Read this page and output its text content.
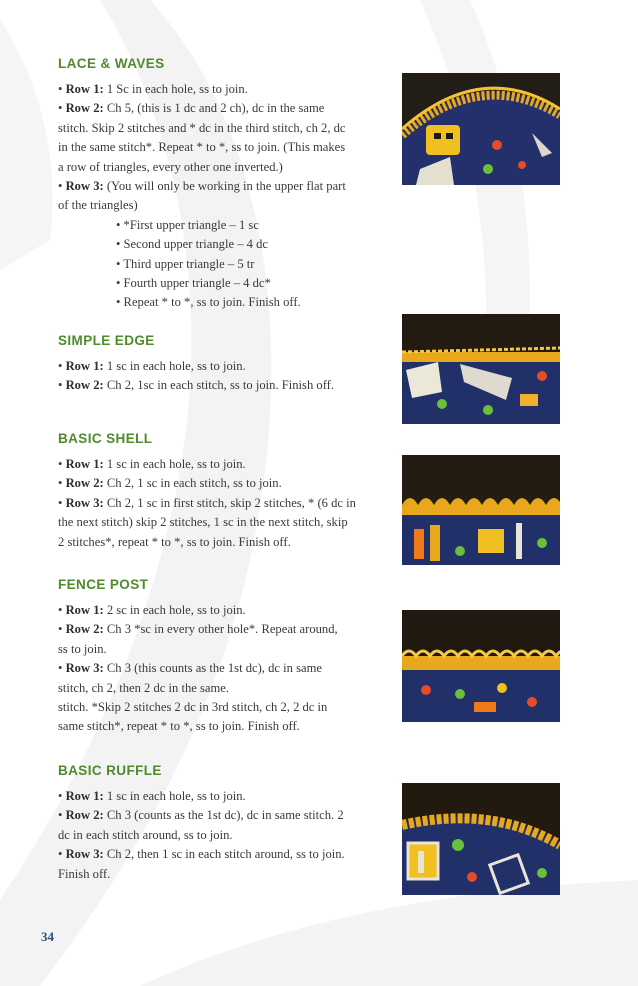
LACE & WAVES

• Row 1: 1 Sc in each hole, ss to join.

• Row 2: Ch 5, (this is 1 dc and 2 ch), dc in the same

stitch. Skip 2 stitches and * dc in the third stitch, ch 2, dc

in the same stitch*. Repeat * to *, ss to join. (This makes

a row of triangles, every other one inverted.)

• Row 3: (You will only be working in the upper flat part

of the triangles)

• *First upper triangle – 1 sc

• Second upper triangle – 4 dc

• Third upper triangle – 5 tr

• Fourth upper triangle – 4 dc*

• Repeat * to *, ss to join. Finish off.

SIMPLE EDGE

• Row 1: 1 sc in each hole, ss to join.

• Row 2: Ch 2, 1sc in each stitch, ss to join. Finish off.

BASIC SHELL

• Row 1: 1 sc in each hole, ss to join.

• Row 2: Ch 2, 1 sc in each stitch, ss to join.

• Row 3: Ch 2, 1 sc in first stitch, skip 2 stitches, * (6 dc in

the next stitch) skip 2 stitches, 1 sc in the next stitch, skip

2 stitches*, repeat * to *, ss to join. Finish off.

FENCE POST

• Row 1: 2 sc in each hole, ss to join.

• Row 2: Ch 3 *sc in every other hole*. Repeat around,

ss to join.

• Row 3: Ch 3 (this counts as the 1st dc), dc in same

stitch, ch 2, then 2 dc in the same.

stitch. *Skip 2 stitches 2 dc in 3rd stitch, ch 2, 2 dc in

same stitch*, repeat * to *, ss to join. Finish off.

BASIC RUFFLE

• Row 1: 1 sc in each hole, ss to join.

• Row 2: Ch 3 (counts as the 1st dc), dc in same stitch. 2

dc in each stitch around, ss to join.

• Row 3: Ch 2, then 1 sc in each stitch around, ss to join.

Finish off.

34
